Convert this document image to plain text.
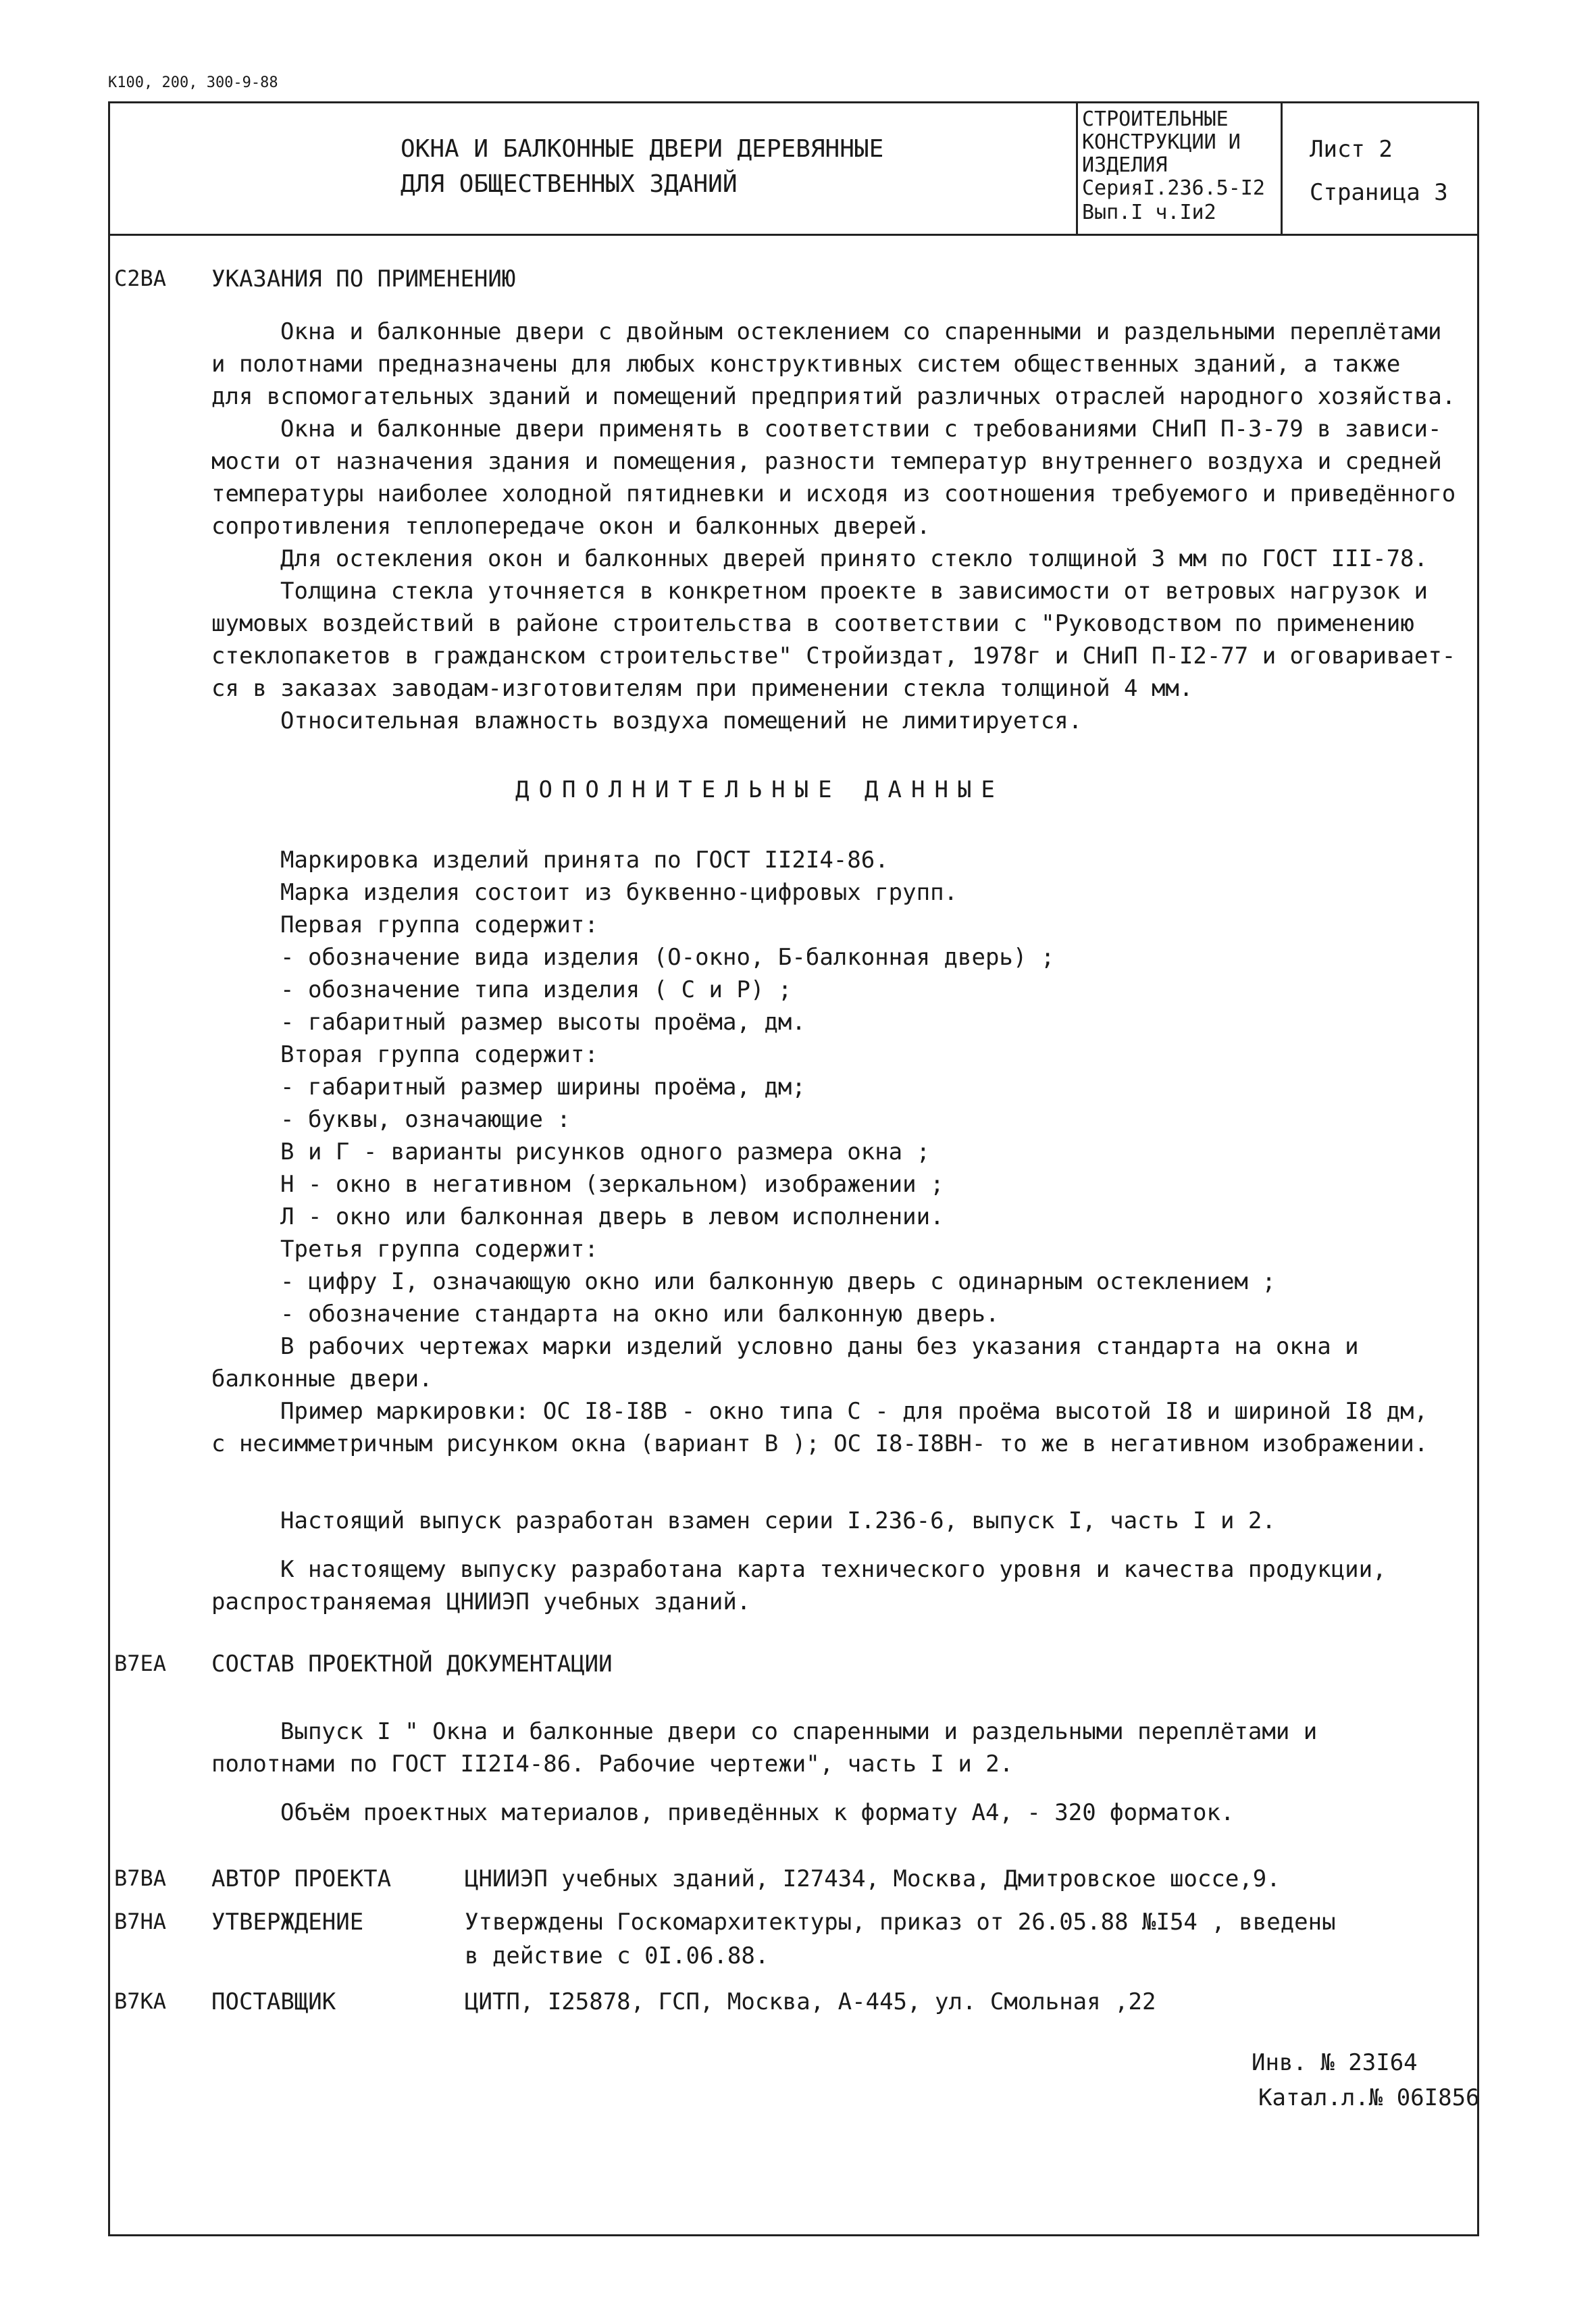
К100, 200, 300-9-88
ОКНА И БАЛКОННЫЕ ДВЕРИ ДЕРЕВЯННЫЕ
ДЛЯ ОБЩЕСТВЕННЫХ ЗДАНИЙ
СТРОИТЕЛЬНЫЕ
КОНСТРУКЦИИ И
ИЗДЕЛИЯ
СерияI.236.5-I2
Вып.I ч.Iи2
Лист 2
Страница 3
С2ВА УКАЗАНИЯ ПО ПРИМЕНЕНИЮ
Окна и балконные двери с двойным остеклением со спаренными и раздельными переплётами
и полотнами предназначены для любых конструктивных систем общественных зданий, а также
для вспомогательных зданий и помещений предприятий различных отраслей народного хозяйства.
Окна и балконные двери применять в соответствии с требованиями СНиП П-3-79 в зависи-
мости от назначения здания и помещения, разности температур внутреннего воздуха и средней
температуры наиболее холодной пятидневки и исходя из соотношения требуемого и приведённого
сопротивления теплопередаче окон и балконных дверей.
Для остекления окон и балконных дверей принято стекло толщиной 3 мм по ГОСТ III-78.
Толщина стекла уточняется в конкретном проекте в зависимости от ветровых нагрузок и
шумовых воздействий в районе строительства в соответствии с "Руководством по применению
стеклопакетов в гражданском строительстве" Стройиздат, 1978г и СНиП П-I2-77 и оговаривает-
ся в заказах заводам-изготовителям при применении стекла толщиной 4 мм.
Относительная влажность воздуха помещений не лимитируется.
ДОПОЛНИТЕЛЬНЫЕ ДАННЫЕ
Маркировка изделий принята по ГОСТ II2I4-86.
Марка изделия состоит из буквенно-цифровых групп.
Первая группа содержит:
- обозначение вида изделия (О-окно, Б-балконная дверь) ;
- обозначение типа изделия ( С и Р) ;
- габаритный размер высоты проёма, дм.
Вторая группа содержит:
- габаритный размер ширины проёма, дм;
- буквы, означающие :
В и Г - варианты рисунков одного размера окна ;
Н - окно в негативном (зеркальном) изображении ;
Л - окно или балконная дверь в левом исполнении.
Третья группа содержит:
- цифру I, означающую окно или балконную дверь с одинарным остеклением ;
- обозначение стандарта на окно или балконную дверь.
В рабочих чертежах марки изделий условно даны без указания стандарта на окна и
балконные двери.
Пример маркировки: ОС I8-I8В - окно типа С - для проёма высотой I8 и шириной I8 дм,
с несимметричным рисунком окна (вариант В ); ОС I8-I8ВН- то же в негативном изображении.
Настоящий выпуск разработан взамен серии I.236-6, выпуск I, часть I и 2.
К настоящему выпуску разработана карта технического уровня и качества продукции,
распространяемая ЦНИИЭП учебных зданий.
В7ЕА СОСТАВ ПРОЕКТНОЙ ДОКУМЕНТАЦИИ
Выпуск I " Окна и балконные двери со спаренными и раздельными переплётами и
полотнами по ГОСТ II2I4-86. Рабочие чертежи", часть I и 2.
Объём проектных материалов, приведённых к формату А4, - 320 форматок.
В7ВА АВТОР ПРОЕКТА	ЦНИИЭП учебных зданий, I27434, Москва, Дмитровское шоссе,9.
В7НА УТВЕРЖДЕНИЕ	Утверждены Госкомархитектуры, приказ от 26.05.88 №I54 , введены
в действие с 0I.06.88.
В7КА ПОСТАВЩИК	ЦИТП, I25878, ГСП, Москва, А-445, ул. Смольная ,22
Инв. № 23I64
Катал.л.№ 06I856
